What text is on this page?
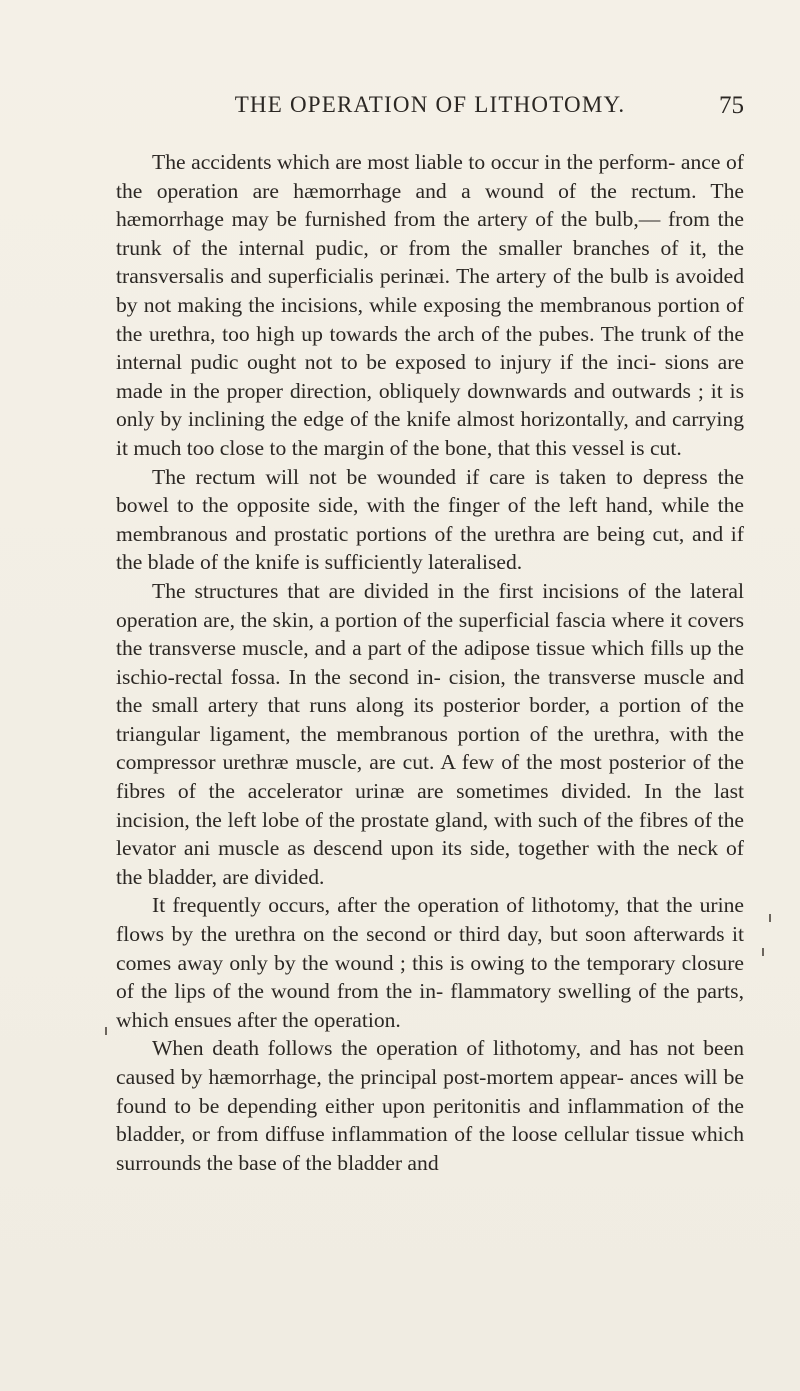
THE OPERATION OF LITHOTOMY.	75

The accidents which are most liable to occur in the perform- ance of the operation are hæmorrhage and a wound of the rectum. The hæmorrhage may be furnished from the artery of the bulb,— from the trunk of the internal pudic, or from the smaller branches of it, the transversalis and superficialis perinæi. The artery of the bulb is avoided by not making the incisions, while exposing the membranous portion of the urethra, too high up towards the arch of the pubes. The trunk of the internal pudic ought not to be exposed to injury if the inci- sions are made in the proper direction, obliquely downwards and outwards ; it is only by inclining the edge of the knife almost horizontally, and carrying it much too close to the margin of the bone, that this vessel is cut.

The rectum will not be wounded if care is taken to depress the bowel to the opposite side, with the finger of the left hand, while the membranous and prostatic portions of the urethra are being cut, and if the blade of the knife is sufficiently lateralised.

The structures that are divided in the first incisions of the lateral operation are, the skin, a portion of the superficial fascia where it covers the transverse muscle, and a part of the adipose tissue which fills up the ischio-rectal fossa. In the second in- cision, the transverse muscle and the small artery that runs along its posterior border, a portion of the triangular ligament, the membranous portion of the urethra, with the compressor urethræ muscle, are cut. A few of the most posterior of the fibres of the accelerator urinæ are sometimes divided. In the last incision, the left lobe of the prostate gland, with such of the fibres of the levator ani muscle as descend upon its side, together with the neck of the bladder, are divided.

It frequently occurs, after the operation of lithotomy, that the urine flows by the urethra on the second or third day, but soon afterwards it comes away only by the wound ; this is owing to the temporary closure of the lips of the wound from the in- flammatory swelling of the parts, which ensues after the operation.

When death follows the operation of lithotomy, and has not been caused by hæmorrhage, the principal post-mortem appear- ances will be found to be depending either upon peritonitis and inflammation of the bladder, or from diffuse inflammation of the loose cellular tissue which surrounds the base of the bladder and
